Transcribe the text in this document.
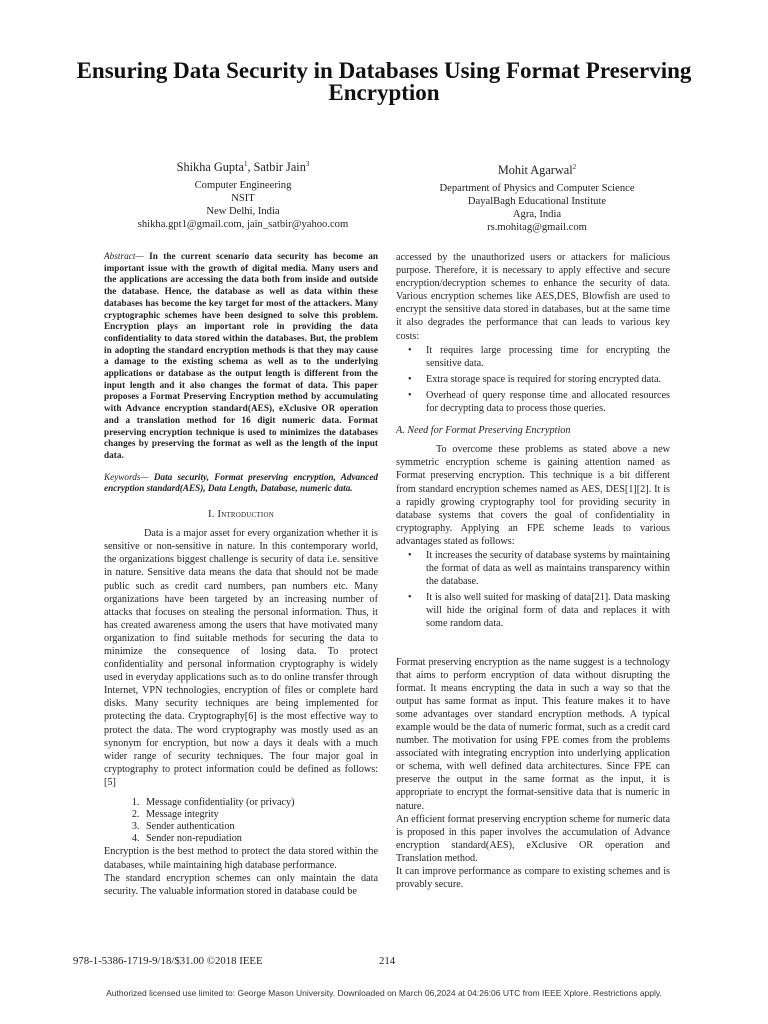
Ensuring Data Security in Databases Using Format Preserving Encryption
Shikha Gupta$^1$, Satbir Jain$^3$
Computer Engineering
NSIT
New Delhi, India
shikha.gpt1@gmail.com, jain_satbir@yahoo.com
Mohit Agarwal$^2$
Department of Physics and Computer Science
DayalBagh Educational Institute
Agra, India
rs.mohitag@gmail.com

Abstract— In the current scenario data security has become an important issue with the growth of digital media. Many users and the applications are accessing the data both from inside and outside the database. Hence, the database as well as data within these databases has become the key target for most of the attackers. Many cryptographic schemes have been designed to solve this problem. Encryption plays an important role in providing the data confidentiality to data stored within the databases. But, the problem in adopting the standard encryption methods is that they may cause a damage to the existing schema as well as to the underlying applications or database as the output length is different from the input length and it also changes the format of data. This paper proposes a Format Preserving Encryption method by accumulating with Advance encryption standard(AES), eXclusive OR operation and a translation method for 16 digit numeric data. Format preserving encryption technique is used to minimizes the databases changes by preserving the format as well as the length of the input data.

Keywords— Data security, Format preserving encryption, Advanced encryption standard(AES), Data Length, Database, numeric data.

I. Introduction

Data is a major asset for every organization whether it is sensitive or non-sensitive in nature. In this contemporary world, the organizations biggest challenge is security of data i.e. sensitive in nature. Sensitive data means the data that should not be made public such as credit card numbers, pan numbers etc. Many organizations have been targeted by an increasing number of attacks that focuses on stealing the personal information. Thus, it has created awareness among the users that have motivated many organization to find suitable methods for securing the data to minimize the consequence of losing data. To protect confidentiality and personal information cryptography is widely used in everyday applications such as to do online transfer through Internet, VPN technologies, encryption of files or complete hard disks. Many security techniques are being implemented for protecting the data. Cryptography[6] is the most effective way to protect the data. The word cryptography was mostly used as an synonym for encryption, but now a days it deals with a much wider range of security techniques. The four major goal in cryptography to protect information could be defined as follows: [5]

1. Message confidentiality (or privacy)
2. Message integrity
3. Sender authentication
4. Sender non-repudiation

Encryption is the best method to protect the data stored within the databases, while maintaining high database performance.

The standard encryption schemes can only maintain the data security. The valuable information stored in database could be

accessed by the unauthorized users or attackers for malicious purpose. Therefore, it is necessary to apply effective and secure encryption/decryption schemes to enhance the security of data. Various encryption schemes like AES,DES, Blowfish are used to encrypt the sensitive data stored in databases, but at the same time it also degrades the performance that can leads to various key costs:

• It requires large processing time for encrypting the sensitive data.
• Extra storage space is required for storing encrypted data.
• Overhead of query response time and allocated resources for decrypting data to process those queries.

A. Need for Format Preserving Encryption

To overcome these problems as stated above a new symmetric encryption scheme is gaining attention named as Format preserving encryption. This technique is a bit different from standard encryption schemes named as AES, DES[1][2]. It is a rapidly growing cryptography tool for providing security in database systems that covers the goal of confidentiality in cryptography. Applying an FPE scheme leads to various advantages stated as follows:

• It increases the security of database systems by maintaining the format of data as well as maintains transparency within the database.
• It is also well suited for masking of data[21]. Data masking will hide the original form of data and replaces it with some random data.

Format preserving encryption as the name suggest is a technology that aims to perform encryption of data without disrupting the format. It means encrypting the data in such a way so that the output has same format as input. This feature makes it to have some advantages over standard encryption methods. A typical example would be the data of numeric format, such as a credit card number. The motivation for using FPE comes from the problems associated with integrating encryption into underlying application or schema, with well defined data architectures. Since FPE can preserve the output in the same format as the input, it is appropriate to encrypt the format-sensitive data that is numeric in nature.

An efficient format preserving encryption scheme for numeric data is proposed in this paper involves the accumulation of Advance encryption standard(AES), eXclusive OR operation and Translation method.

It can improve performance as compare to existing schemes and is provably secure.

978-1-5386-1719-9/18/$31.00 ©2018 IEEE	214
Authorized licensed use limited to: George Mason University. Downloaded on March 06,2024 at 04:26:06 UTC from IEEE Xplore. Restrictions apply.
